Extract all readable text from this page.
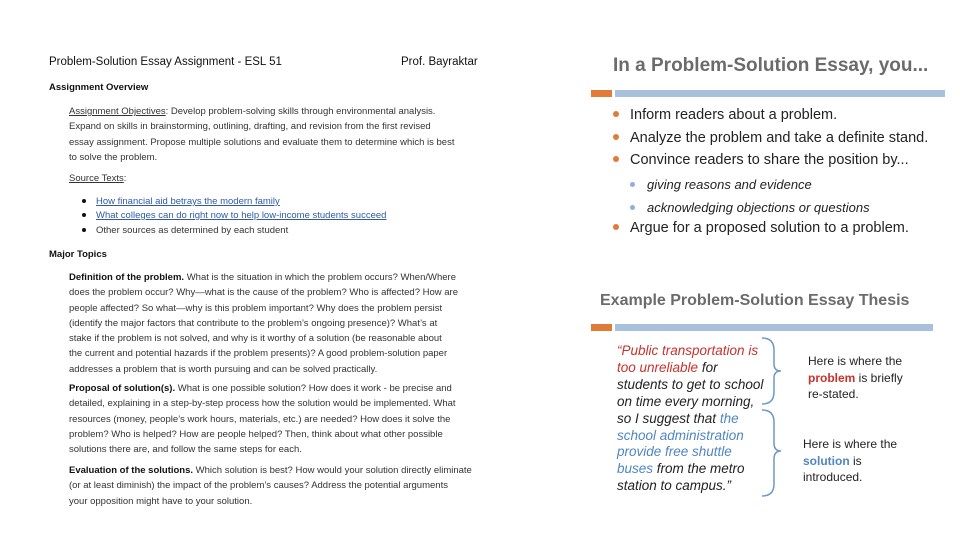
Problem-Solution Essay Assignment - ESL 51	Prof. Bayraktar
Assignment Overview
Assignment Objectives: Develop problem-solving skills through environmental analysis.
Expand on skills in brainstorming, outlining, drafting, and revision from the first revised
essay assignment. Propose multiple solutions and evaluate them to determine which is best
to solve the problem.
Source Texts:
How financial aid betrays the modern family
What colleges can do right now to help low-income students succeed
Other sources as determined by each student
Major Topics
Definition of the problem. What is the situation in which the problem occurs? When/Where
does the problem occur? Why—what is the cause of the problem? Who is affected? How are
people affected? So what—why is this problem important? Why does the problem persist
(identify the major factors that contribute to the problem’s ongoing presence)? What’s at
stake if the problem is not solved, and why is it worthy of a solution (be reasonable about
the current and potential hazards if the problem presents)? A good problem-solution paper
addresses a problem that is worth pursuing and can be solved practically.
Proposal of solution(s). What is one possible solution? How does it work - be precise and
detailed, explaining in a step-by-step process how the solution would be implemented. What
resources (money, people’s work hours, materials, etc.) are needed? How does it solve the
problem? Who is helped? How are people helped? Then, think about what other possible
solutions there are, and follow the same steps for each.
Evaluation of the solutions. Which solution is best? How would your solution directly eliminate
(or at least diminish) the impact of the problem’s causes? Address the potential arguments
your opposition might have to your solution.
In a Problem-Solution Essay, you...
Inform readers about a problem.
Analyze the problem and take a definite stand.
Convince readers to share the position by...
giving reasons and evidence
acknowledging objections or questions
Argue for a proposed solution to a problem.
Example Problem-Solution Essay Thesis
“Public transportation is too unreliable for students to get to school on time every morning, so I suggest that the school administration provide free shuttle buses from the metro station to campus.”
Here is where the
problem is briefly
re-stated.
Here is where the
solution is
introduced.
